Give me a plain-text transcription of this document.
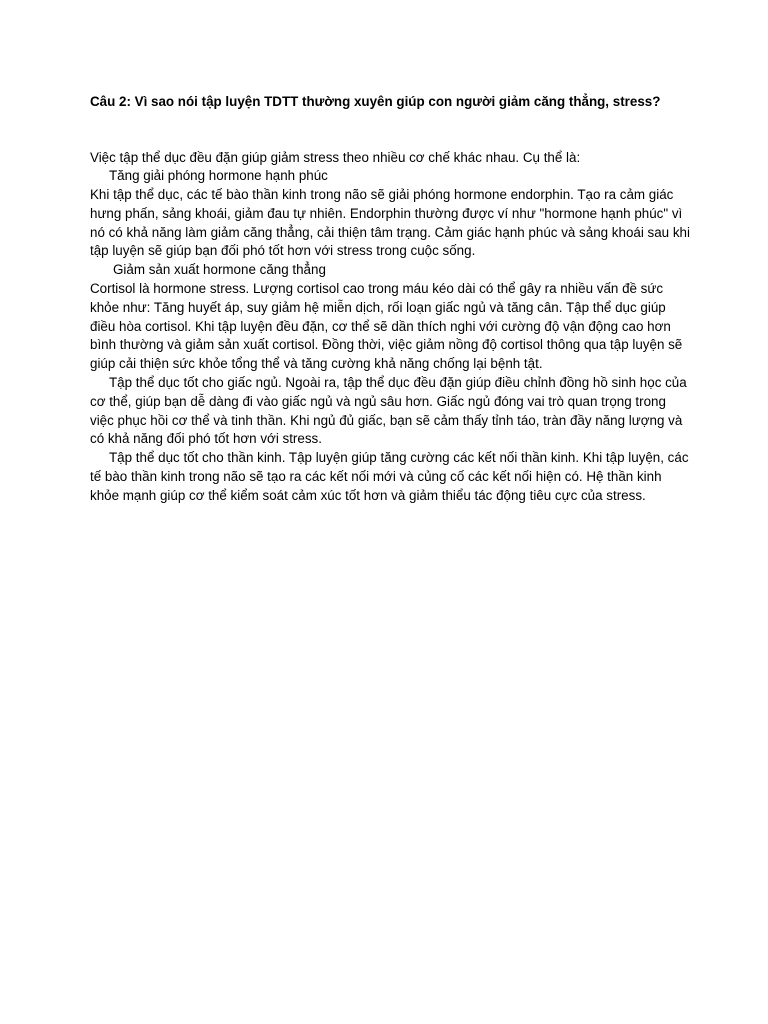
Câu 2: Vì sao nói tập luyện TDTT thường xuyên giúp con người giảm căng thẳng, stress?

Việc tập thể dục đều đặn giúp giảm stress theo nhiều cơ chế khác nhau. Cụ thể là:

Tăng giải phóng hormone hạnh phúc

Khi tập thể dục, các tế bào thần kinh trong não sẽ giải phóng hormone endorphin. Tạo ra cảm giác hưng phấn, sảng khoái, giảm đau tự nhiên. Endorphin thường được ví như "hormone hạnh phúc" vì nó có khả năng làm giảm căng thẳng, cải thiện tâm trạng. Cảm giác hạnh phúc và sảng khoái sau khi tập luyện sẽ giúp bạn đối phó tốt hơn với stress trong cuộc sống.

Giảm sản xuất hormone căng thẳng

Cortisol là hormone stress. Lượng cortisol cao trong máu kéo dài có thể gây ra nhiều vấn đề sức khỏe như: Tăng huyết áp, suy giảm hệ miễn dịch, rối loạn giấc ngủ và tăng cân. Tập thể dục giúp điều hòa cortisol. Khi tập luyện đều đặn, cơ thể sẽ dần thích nghi với cường độ vận động cao hơn bình thường và giảm sản xuất cortisol. Đồng thời, việc giảm nồng độ cortisol thông qua tập luyện sẽ giúp cải thiện sức khỏe tổng thể và tăng cường khả năng chống lại bệnh tật.

Tập thể dục tốt cho giấc ngủ. Ngoài ra, tập thể dục đều đặn giúp điều chỉnh đồng hồ sinh học của cơ thể, giúp bạn dễ dàng đi vào giấc ngủ và ngủ sâu hơn. Giấc ngủ đóng vai trò quan trọng trong việc phục hồi cơ thể và tinh thần. Khi ngủ đủ giấc, bạn sẽ cảm thấy tỉnh táo, tràn đầy năng lượng và có khả năng đối phó tốt hơn với stress.

Tập thể dục tốt cho thần kinh. Tập luyện giúp tăng cường các kết nối thần kinh. Khi tập luyện, các tế bào thần kinh trong não sẽ tạo ra các kết nối mới và củng cố các kết nối hiện có. Hệ thần kinh khỏe mạnh giúp cơ thể kiểm soát cảm xúc tốt hơn và giảm thiểu tác động tiêu cực của stress.
